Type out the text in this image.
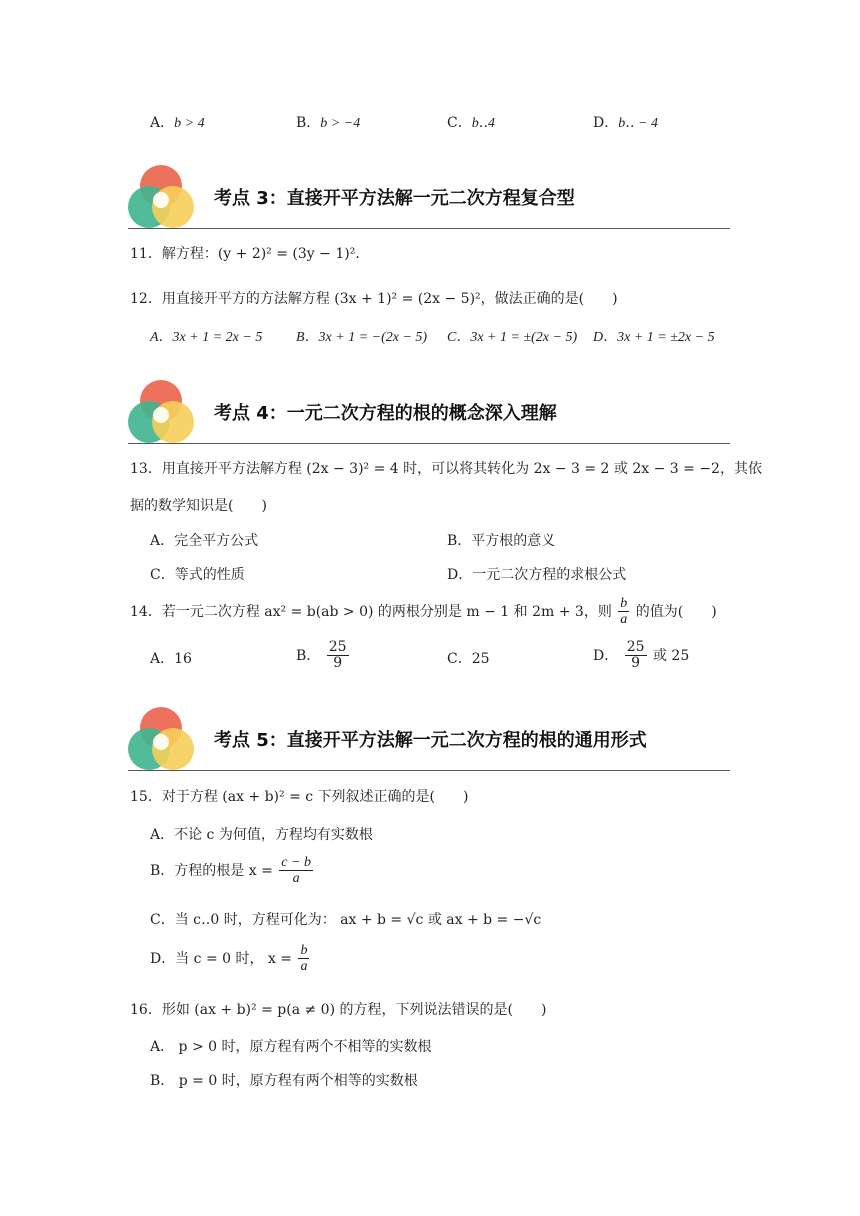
A．b > 4	B．b > −4	C．b‥4	D．b‥ − 4
考点 3：直接开平方法解一元二次方程复合型
11．解方程：(y + 2)² = (3y − 1)²．
12．用直接开平方的方法解方程 (3x + 1)² = (2x − 5)²，做法正确的是(　　)
A．3x + 1 = 2x − 5 B．3x + 1 = −(2x − 5) C．3x + 1 = ±(2x − 5) D．3x + 1 = ±2x − 5
考点 4：一元二次方程的根的概念深入理解
13．用直接开平方法解方程 (2x − 3)² = 4 时，可以将其转化为 2x − 3 = 2 或 2x − 3 = −2，其依
据的数学知识是(　　)
A．完全平方公式	B．平方根的意义
C．等式的性质	D．一元二次方程的求根公式
14．若一元二次方程 ax² = b(ab > 0) 的两根分别是 m − 1 和 2m + 3，则 $\frac{b}{a}$ 的值为(　　)
A．16	B． $\frac{25}{9}$	C．25	D． $\frac{25}{9}$ 或 25
考点 5：直接开平方法解一元二次方程的根的通用形式
15．对于方程 (ax + b)² = c 下列叙述正确的是(　　)
A．不论 c 为何值，方程均有实数根
B．方程的根是 $x = \frac{c - b}{a}$
C．当 c‥0 时，方程可化为： ax + b = √c 或 ax + b = −√c
D．当 c = 0 时， $x = \frac{b}{a}$
16．形如 (ax + b)² = p(a ≠ 0) 的方程，下列说法错误的是(　　)
A． p > 0 时，原方程有两个不相等的实数根
B． p = 0 时，原方程有两个相等的实数根
